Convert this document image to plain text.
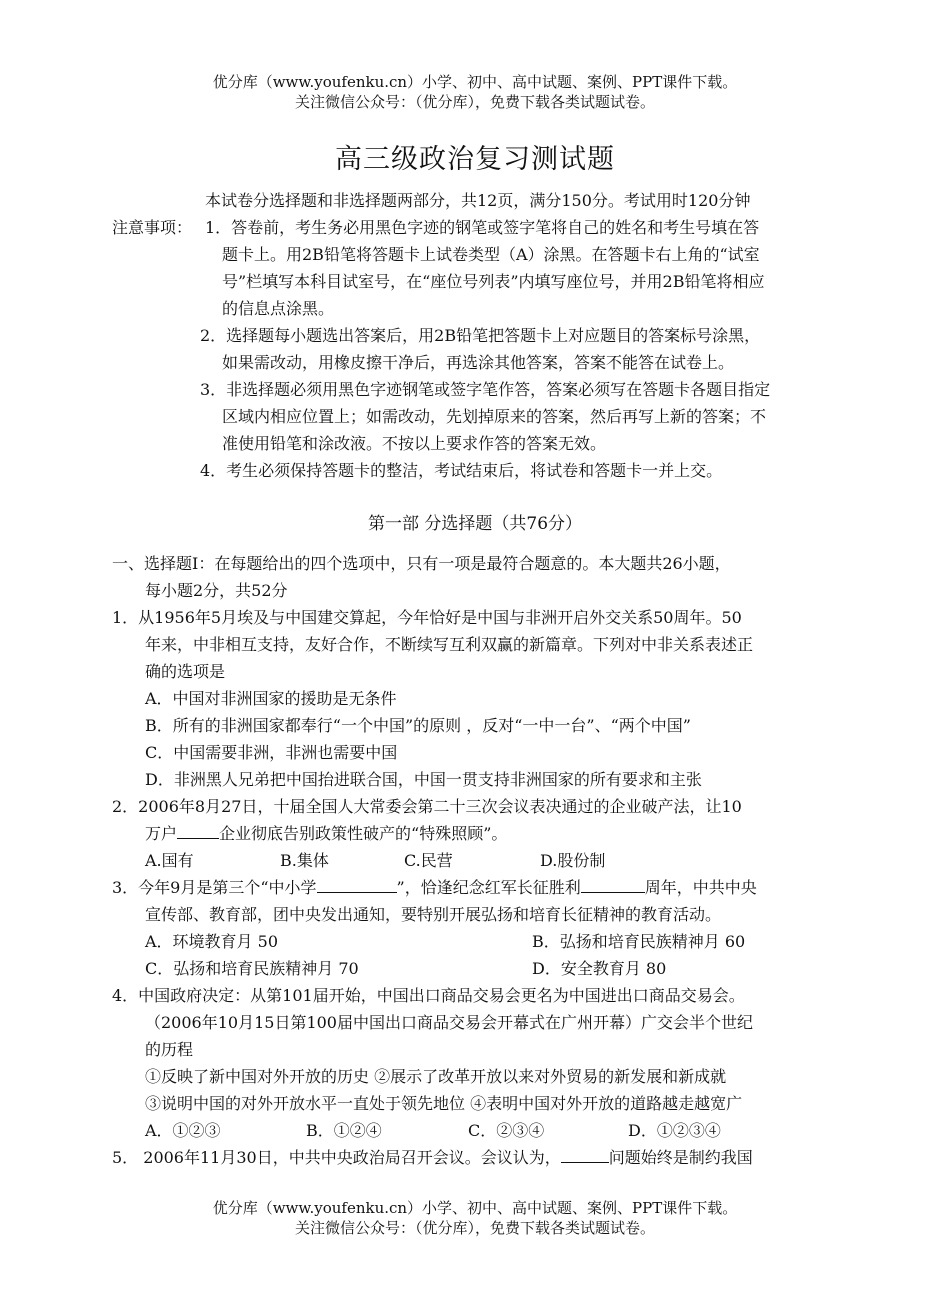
优分库（www.youfenku.cn）小学、初中、高中试题、案例、PPT课件下载。
关注微信公众号：（优分库），免费下载各类试题试卷。
高三级政治复习测试题
本试卷分选择题和非选择题两部分，共12页，满分150分。考试用时120分钟
注意事项： 1．答卷前，考生务必用黑色字迹的钢笔或签字笔将自己的姓名和考生号填在答
题卡上。用2B铅笔将答题卡上试卷类型（A）涂黑。在答题卡右上角的“试室
号”栏填写本科目试室号，在“座位号列表”内填写座位号，并用2B铅笔将相应
的信息点涂黑。
2．选择题每小题选出答案后，用2B铅笔把答题卡上对应题目的答案标号涂黑，
如果需改动，用橡皮擦干净后，再选涂其他答案，答案不能答在试卷上。
3．非选择题必须用黑色字迹钢笔或签字笔作答，答案必须写在答题卡各题目指定
区域内相应位置上；如需改动，先划掉原来的答案，然后再写上新的答案；不
准使用铅笔和涂改液。不按以上要求作答的答案无效。
4．考生必须保持答题卡的整洁，考试结束后，将试卷和答题卡一并上交。
第一部 分选择题（共76分）
一、选择题Ⅰ：在每题给出的四个选项中，只有一项是最符合题意的。本大题共26小题，
每小题2分，共52分
1．从1956年5月埃及与中国建交算起，今年恰好是中国与非洲开启外交关系50周年。50
年来，中非相互支持，友好合作，不断续写互利双赢的新篇章。下列对中非关系表述正
确的选项是
A．中国对非洲国家的援助是无条件
B．所有的非洲国家都奉行“一个中国”的原则 ，反对“一中一台”、“两个中国”
C．中国需要非洲，非洲也需要中国
D．非洲黑人兄弟把中国抬进联合国，中国一贯支持非洲国家的所有要求和主张
2．2006年8月27日，十届全国人大常委会第二十三次会议表决通过的企业破产法，让10
万户	企业彻底告别政策性破产的“特殊照顾”。
A.国有	B.集体	C.民营	D.股份制
3．今年9月是第三个“中小学	”，恰逢纪念红军长征胜利	周年，中共中央
宣传部、教育部，团中央发出通知，要特别开展弘扬和培育长征精神的教育活动。
A．环境教育月 50	B．弘扬和培育民族精神月 60
C．弘扬和培育民族精神月 70	D．安全教育月 80
4．中国政府决定：从第101届开始，中国出口商品交易会更名为中国进出口商品交易会。
（2006年10月15日第100届中国出口商品交易会开幕式在广州开幕）广交会半个世纪
的历程
①反映了新中国对外开放的历史 ②展示了改革开放以来对外贸易的新发展和新成就
③说明中国的对外开放水平一直处于领先地位 ④表明中国对外开放的道路越走越宽广
A．①②③	B．①②④	C．②③④	D．①②③④
5． 2006年11月30日，中共中央政治局召开会议。会议认为，	问题始终是制约我国
优分库（www.youfenku.cn）小学、初中、高中试题、案例、PPT课件下载。
关注微信公众号：（优分库），免费下载各类试题试卷。
